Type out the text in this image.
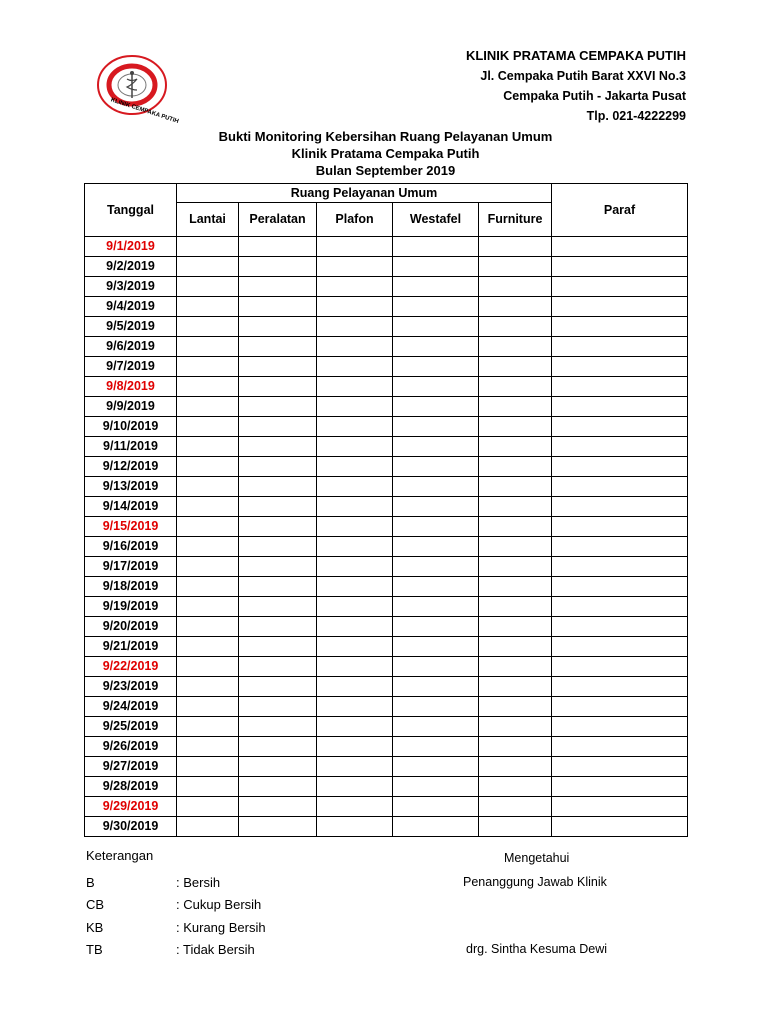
KLINIK CEMPAKA PUTIH
KLINIK PRATAMA CEMPAKA PUTIH
Jl. Cempaka Putih Barat XXVI No.3
Cempaka Putih - Jakarta Pusat
Tlp. 021-4222299
Bukti Monitoring Kebersihan Ruang Pelayanan Umum
Klinik Pratama Cempaka Putih
Bulan September 2019
Tanggal	Ruang Pelayanan Umum					Paraf
	Lantai	Peralatan	Plafon	Westafel	Furniture	
9/1/2019						
9/2/2019						
9/3/2019						
9/4/2019						
9/5/2019						
9/6/2019						
9/7/2019						
9/8/2019						
9/9/2019						
9/10/2019						
9/11/2019						
9/12/2019						
9/13/2019						
9/14/2019						
9/15/2019						
9/16/2019						
9/17/2019						
9/18/2019						
9/19/2019						
9/20/2019						
9/21/2019						
9/22/2019						
9/23/2019						
9/24/2019						
9/25/2019						
9/26/2019						
9/27/2019						
9/28/2019						
9/29/2019						
9/30/2019						
Keterangan
B	: Bersih
CB	: Cukup Bersih
KB	: Kurang Bersih
TB	: Tidak Bersih
Mengetahui
Penanggung Jawab Klinik
drg. Sintha Kesuma Dewi
